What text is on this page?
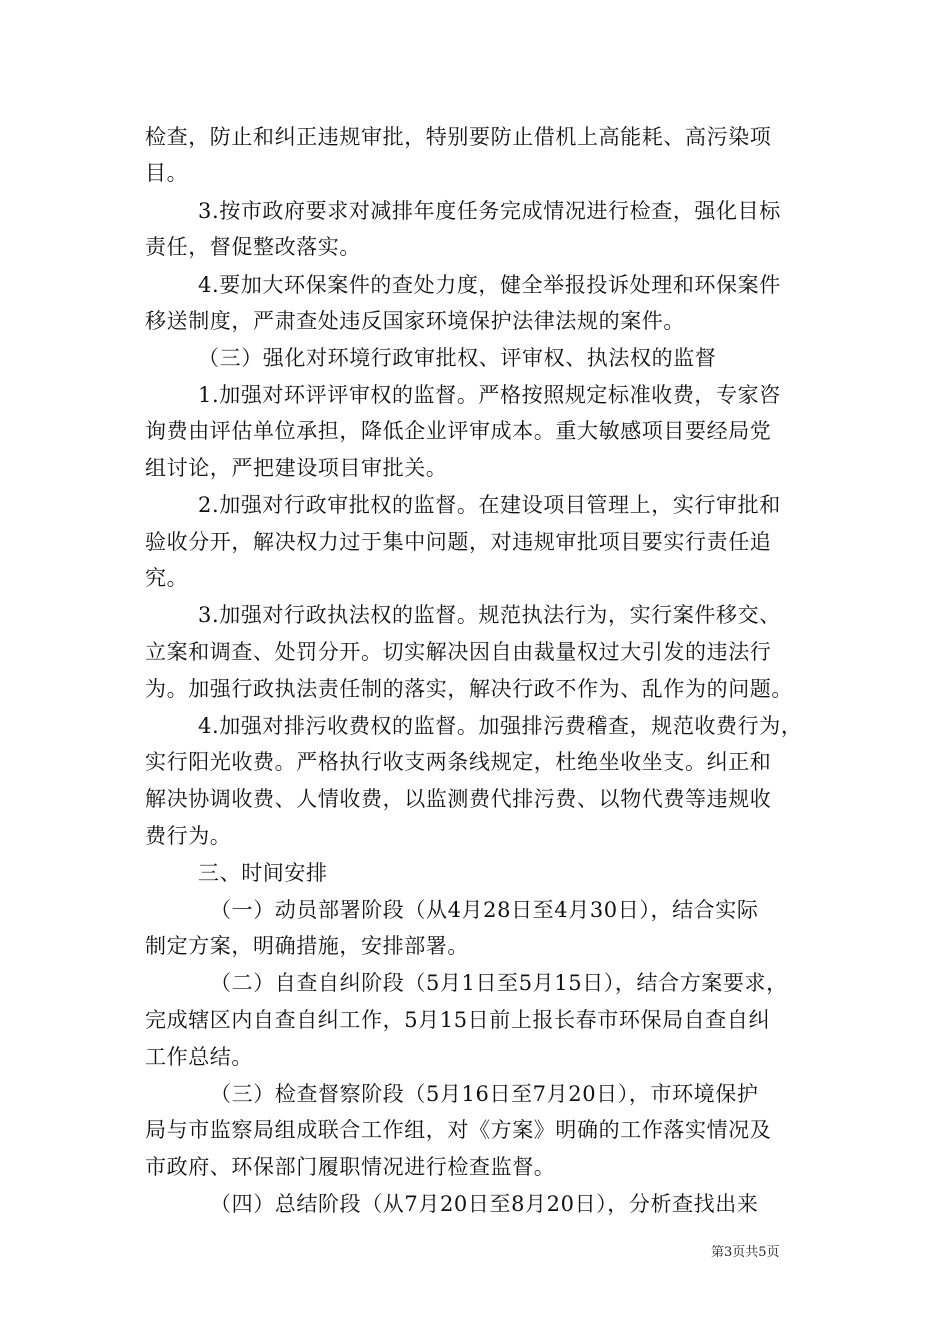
检查，防止和纠正违规审批，特别要防止借机上高能耗、高污染项
目。
3.按市政府要求对减排年度任务完成情况进行检查，强化目标
责任，督促整改落实。
4.要加大环保案件的查处力度，健全举报投诉处理和环保案件
移送制度，严肃查处违反国家环境保护法律法规的案件。
（三）强化对环境行政审批权、评审权、执法权的监督
1.加强对环评评审权的监督。严格按照规定标准收费，专家咨
询费由评估单位承担，降低企业评审成本。重大敏感项目要经局党
组讨论，严把建设项目审批关。
2.加强对行政审批权的监督。在建设项目管理上，实行审批和
验收分开，解决权力过于集中问题，对违规审批项目要实行责任追
究。
3.加强对行政执法权的监督。规范执法行为，实行案件移交、
立案和调查、处罚分开。切实解决因自由裁量权过大引发的违法行
为。加强行政执法责任制的落实，解决行政不作为、乱作为的问题。
4.加强对排污收费权的监督。加强排污费稽查，规范收费行为，
实行阳光收费。严格执行收支两条线规定，杜绝坐收坐支。纠正和
解决协调收费、人情收费，以监测费代排污费、以物代费等违规收
费行为。
三、时间安排
（一）动员部署阶段（从4月28日至4月30日），结合实际
制定方案，明确措施，安排部署。
（二）自查自纠阶段（5月1日至5月15日），结合方案要求，
完成辖区内自查自纠工作，5月15日前上报长春市环保局自查自纠
工作总结。
（三）检查督察阶段（5月16日至7月20日），市环境保护
局与市监察局组成联合工作组，对《方案》明确的工作落实情况及
市政府、环保部门履职情况进行检查监督。
（四）总结阶段（从7月20日至8月20日），分析查找出来
第3页共5页
